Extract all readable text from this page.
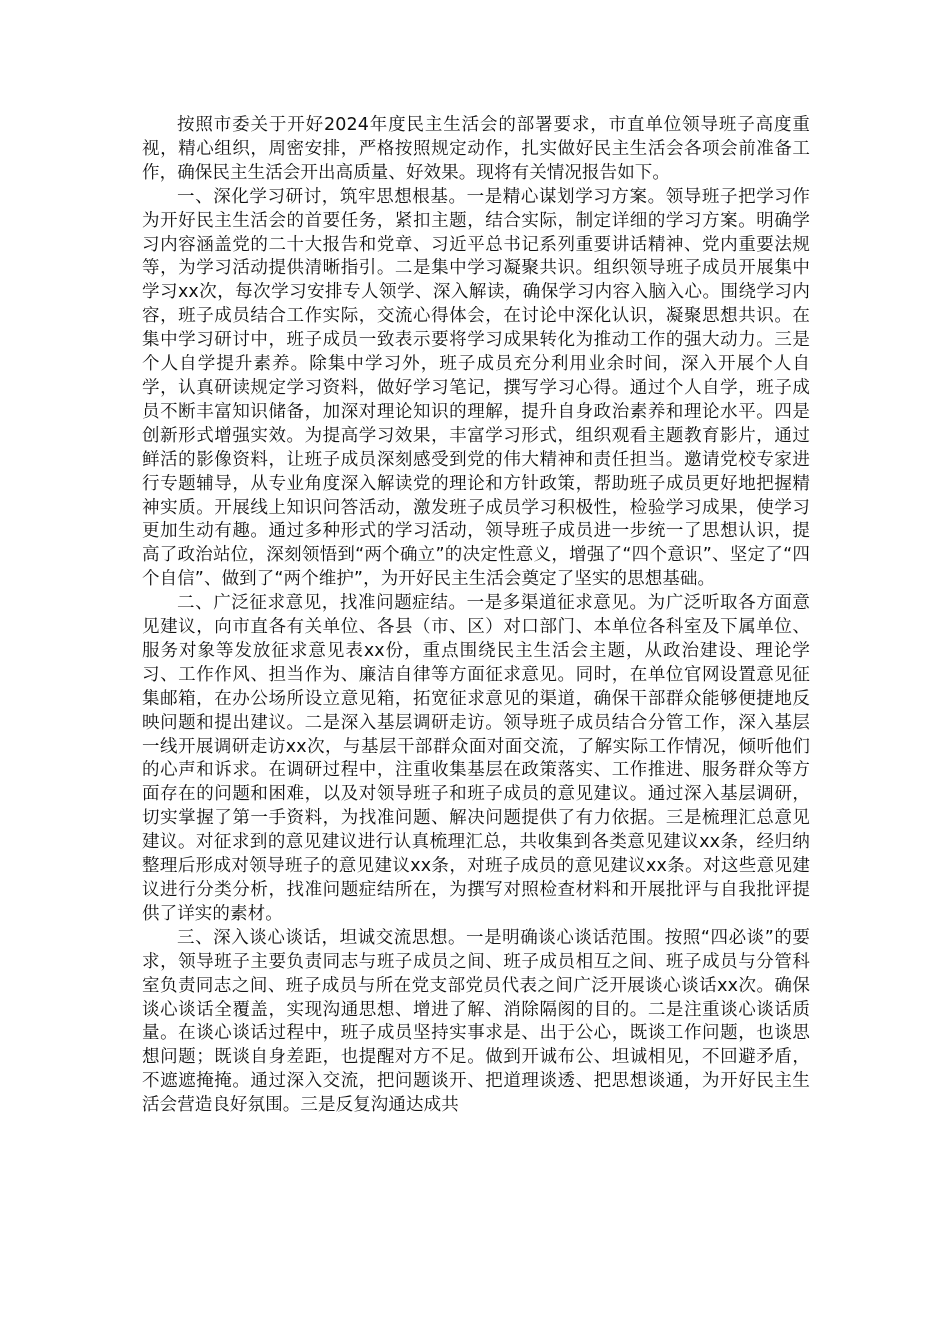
按照市委关于开好2024年度民主生活会的部署要求，市直单位领导班子高度重视，精心组织，周密安排，严格按照规定动作，扎实做好民主生活会各项会前准备工作，确保民主生活会开出高质量、好效果。现将有关情况报告如下。

一、深化学习研讨，筑牢思想根基。一是精心谋划学习方案。领导班子把学习作为开好民主生活会的首要任务，紧扣主题，结合实际，制定详细的学习方案。明确学习内容涵盖党的二十大报告和党章、习近平总书记系列重要讲话精神、党内重要法规等，为学习活动提供清晰指引。二是集中学习凝聚共识。组织领导班子成员开展集中学习xx次，每次学习安排专人领学、深入解读，确保学习内容入脑入心。围绕学习内容，班子成员结合工作实际，交流心得体会，在讨论中深化认识，凝聚思想共识。在集中学习研讨中，班子成员一致表示要将学习成果转化为推动工作的强大动力。三是个人自学提升素养。除集中学习外，班子成员充分利用业余时间，深入开展个人自学，认真研读规定学习资料，做好学习笔记，撰写学习心得。通过个人自学，班子成员不断丰富知识储备，加深对理论知识的理解，提升自身政治素养和理论水平。四是创新形式增强实效。为提高学习效果，丰富学习形式，组织观看主题教育影片，通过鲜活的影像资料，让班子成员深刻感受到党的伟大精神和责任担当。邀请党校专家进行专题辅导，从专业角度深入解读党的理论和方针政策，帮助班子成员更好地把握精神实质。开展线上知识问答活动，激发班子成员学习积极性，检验学习成果，使学习更加生动有趣。通过多种形式的学习活动，领导班子成员进一步统一了思想认识，提高了政治站位，深刻领悟到“两个确立”的决定性意义，增强了“四个意识”、坚定了“四个自信”、做到了“两个维护”，为开好民主生活会奠定了坚实的思想基础。

二、广泛征求意见，找准问题症结。一是多渠道征求意见。为广泛听取各方面意见建议，向市直各有关单位、各县（市、区）对口部门、本单位各科室及下属单位、服务对象等发放征求意见表xx份，重点围绕民主生活会主题，从政治建设、理论学习、工作作风、担当作为、廉洁自律等方面征求意见。同时，在单位官网设置意见征集邮箱，在办公场所设立意见箱，拓宽征求意见的渠道，确保干部群众能够便捷地反映问题和提出建议。二是深入基层调研走访。领导班子成员结合分管工作，深入基层一线开展调研走访xx次，与基层干部群众面对面交流，了解实际工作情况，倾听他们的心声和诉求。在调研过程中，注重收集基层在政策落实、工作推进、服务群众等方面存在的问题和困难，以及对领导班子和班子成员的意见建议。通过深入基层调研，切实掌握了第一手资料，为找准问题、解决问题提供了有力依据。三是梳理汇总意见建议。对征求到的意见建议进行认真梳理汇总，共收集到各类意见建议xx条，经归纳整理后形成对领导班子的意见建议xx条，对班子成员的意见建议xx条。对这些意见建议进行分类分析，找准问题症结所在，为撰写对照检查材料和开展批评与自我批评提供了详实的素材。

三、深入谈心谈话，坦诚交流思想。一是明确谈心谈话范围。按照“四必谈”的要求，领导班子主要负责同志与班子成员之间、班子成员相互之间、班子成员与分管科室负责同志之间、班子成员与所在党支部党员代表之间广泛开展谈心谈话xx次。确保谈心谈话全覆盖，实现沟通思想、增进了解、消除隔阂的目的。二是注重谈心谈话质量。在谈心谈话过程中，班子成员坚持实事求是、出于公心，既谈工作问题，也谈思想问题；既谈自身差距，也提醒对方不足。做到开诚布公、坦诚相见，不回避矛盾，不遮遮掩掩。通过深入交流，把问题谈开、把道理谈透、把思想谈通，为开好民主生活会营造良好氛围。三是反复沟通达成共
